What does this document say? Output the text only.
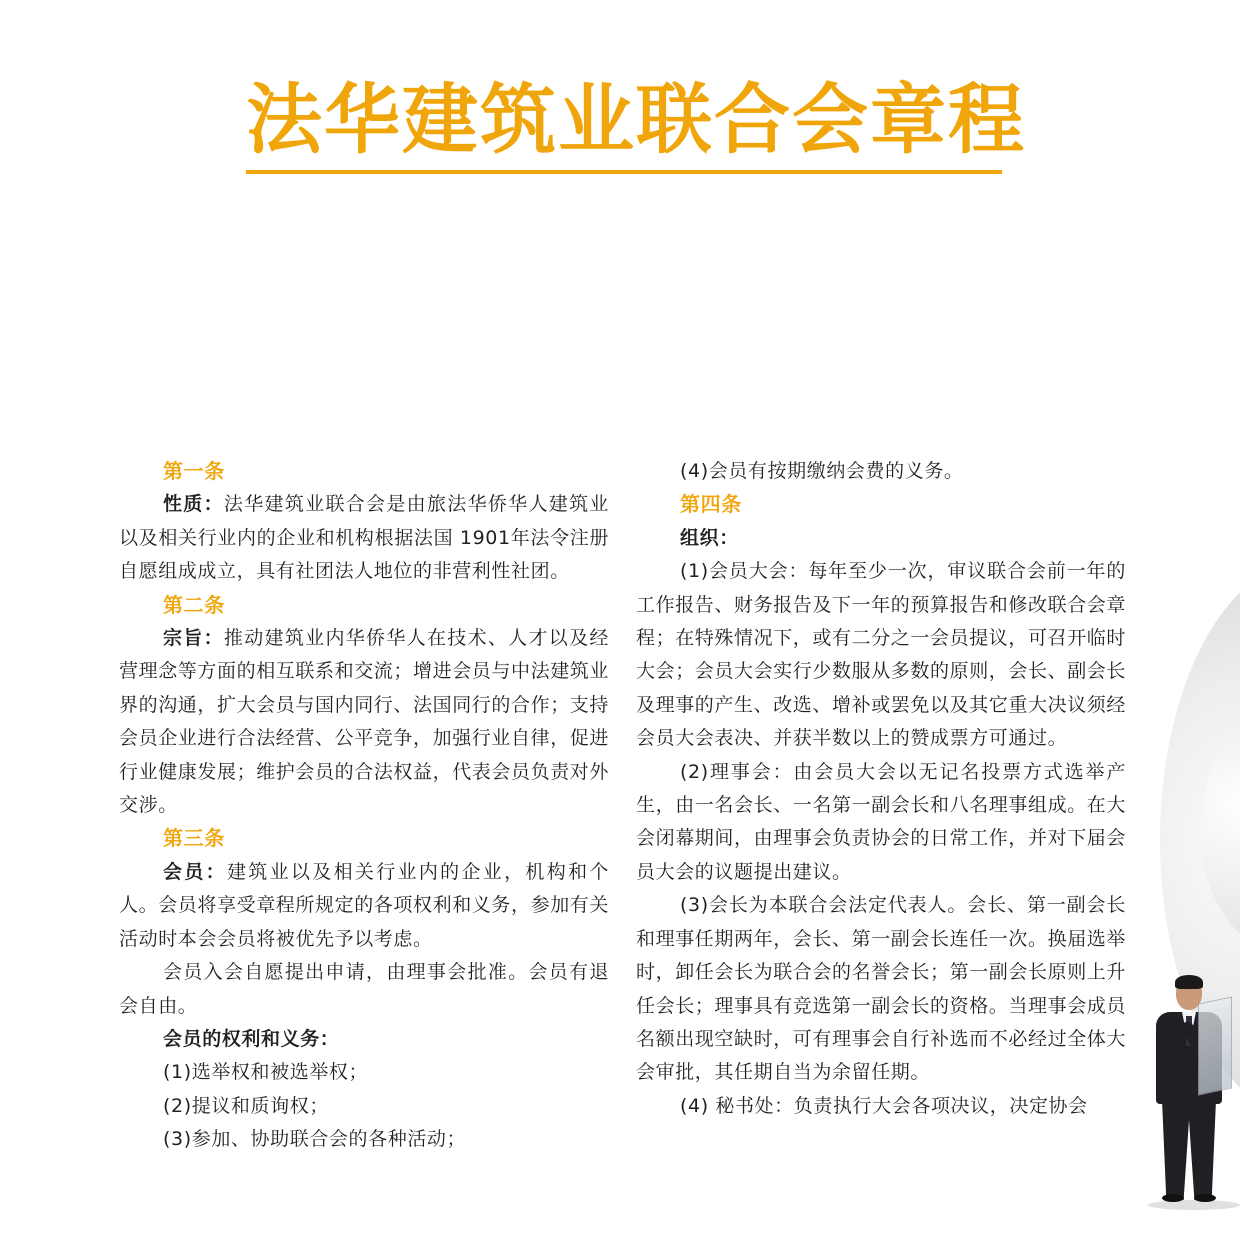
法华建筑业联合会章程

第一条

性质：法华建筑业联合会是由旅法华侨华人建筑业以及相关行业内的企业和机构根据法国 1901年法令注册自愿组成成立，具有社团法人地位的非营利性社团。

第二条

宗旨：推动建筑业内华侨华人在技术、人才以及经营理念等方面的相互联系和交流；增进会员与中法建筑业界的沟通，扩大会员与国内同行、法国同行的合作；支持会员企业进行合法经营、公平竞争，加强行业自律，促进行业健康发展；维护会员的合法权益，代表会员负责对外交涉。

第三条

会员：建筑业以及相关行业内的企业，机构和个人。会员将享受章程所规定的各项权利和义务，参加有关活动时本会会员将被优先予以考虑。

会员入会自愿提出申请，由理事会批准。会员有退会自由。

会员的权利和义务：

(1)选举权和被选举权；

(2)提议和质询权；

(3)参加、协助联合会的各种活动；

(4)会员有按期缴纳会费的义务。

第四条

组织：

(1)会员大会：每年至少一次，审议联合会前一年的工作报告、财务报告及下一年的预算报告和修改联合会章程；在特殊情况下，或有二分之一会员提议，可召开临时大会；会员大会实行少数服从多数的原则，会长、副会长及理事的产生、改选、增补或罢免以及其它重大决议须经会员大会表决、并获半数以上的赞成票方可通过。

(2)理事会：由会员大会以无记名投票方式选举产生，由一名会长、一名第一副会长和八名理事组成。在大会闭幕期间，由理事会负责协会的日常工作，并对下届会员大会的议题提出建议。

(3)会长为本联合会法定代表人。会长、第一副会长和理事任期两年，会长、第一副会长连任一次。换届选举时，卸任会长为联合会的名誉会长；第一副会长原则上升任会长；理事具有竞选第一副会长的资格。当理事会成员名额出现空缺时，可有理事会自行补选而不必经过全体大会审批，其任期自当为余留任期。

(4) 秘书处：负责执行大会各项决议，决定协会
